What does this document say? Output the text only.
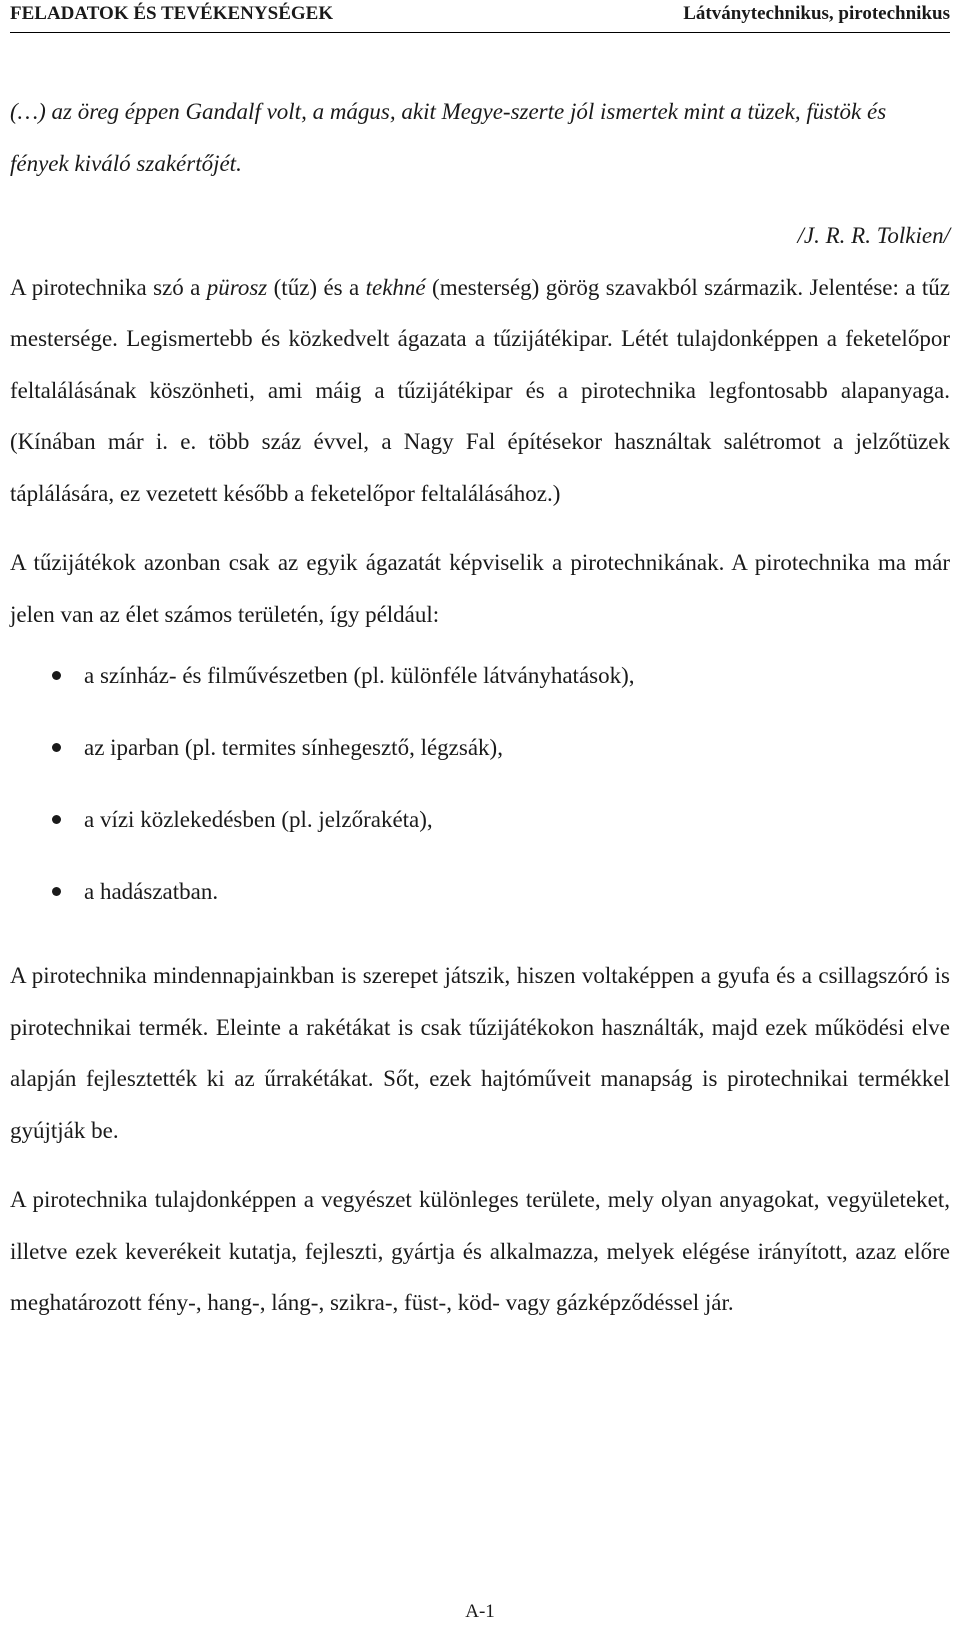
FELADATOK ÉS TEVÉKENYSÉGEK	Látványtechnikus, pirotechnikus

(…) az öreg éppen Gandalf volt, a mágus, akit Megye-szerte jól ismertek mint a tüzek, füstök és fények kiváló szakértőjét.

/J. R. R. Tolkien/

A pirotechnika szó a pürosz (tűz) és a tekhné (mesterség) görög szavakból származik. Jelentése: a tűz mestersége. Legismertebb és közkedvelt ágazata a tűzijátékipar. Létét tulajdonképpen a feketelőpor feltalálásának köszönheti, ami máig a tűzijátékipar és a pirotechnika legfontosabb alapanyaga. (Kínában már i. e. több száz évvel, a Nagy Fal építésekor használtak salétromot a jelzőtüzek táplálására, ez vezetett később a feketelőpor feltalálásához.)

A tűzijátékok azonban csak az egyik ágazatát képviselik a pirotechnikának. A pirotechnika ma már jelen van az élet számos területén, így például:

a színház- és filművészetben (pl. különféle látványhatások),
az iparban (pl. termites sínhegesztő, légzsák),
a vízi közlekedésben (pl. jelzőrakéta),
a hadászatban.

A pirotechnika mindennapjainkban is szerepet játszik, hiszen voltaképpen a gyufa és a csillagszóró is pirotechnikai termék. Eleinte a rakétákat is csak tűzijátékokon használták, majd ezek működési elve alapján fejlesztették ki az űrrakétákat. Sőt, ezek hajtóműveit manapság is pirotechnikai termékkel gyújtják be.

A pirotechnika tulajdonképpen a vegyészet különleges területe, mely olyan anyagokat, vegyületeket, illetve ezek keverékeit kutatja, fejleszti, gyártja és alkalmazza, melyek elégése irányított, azaz előre meghatározott fény-, hang-, láng-, szikra-, füst-, köd- vagy gázképződéssel jár.

A-1
